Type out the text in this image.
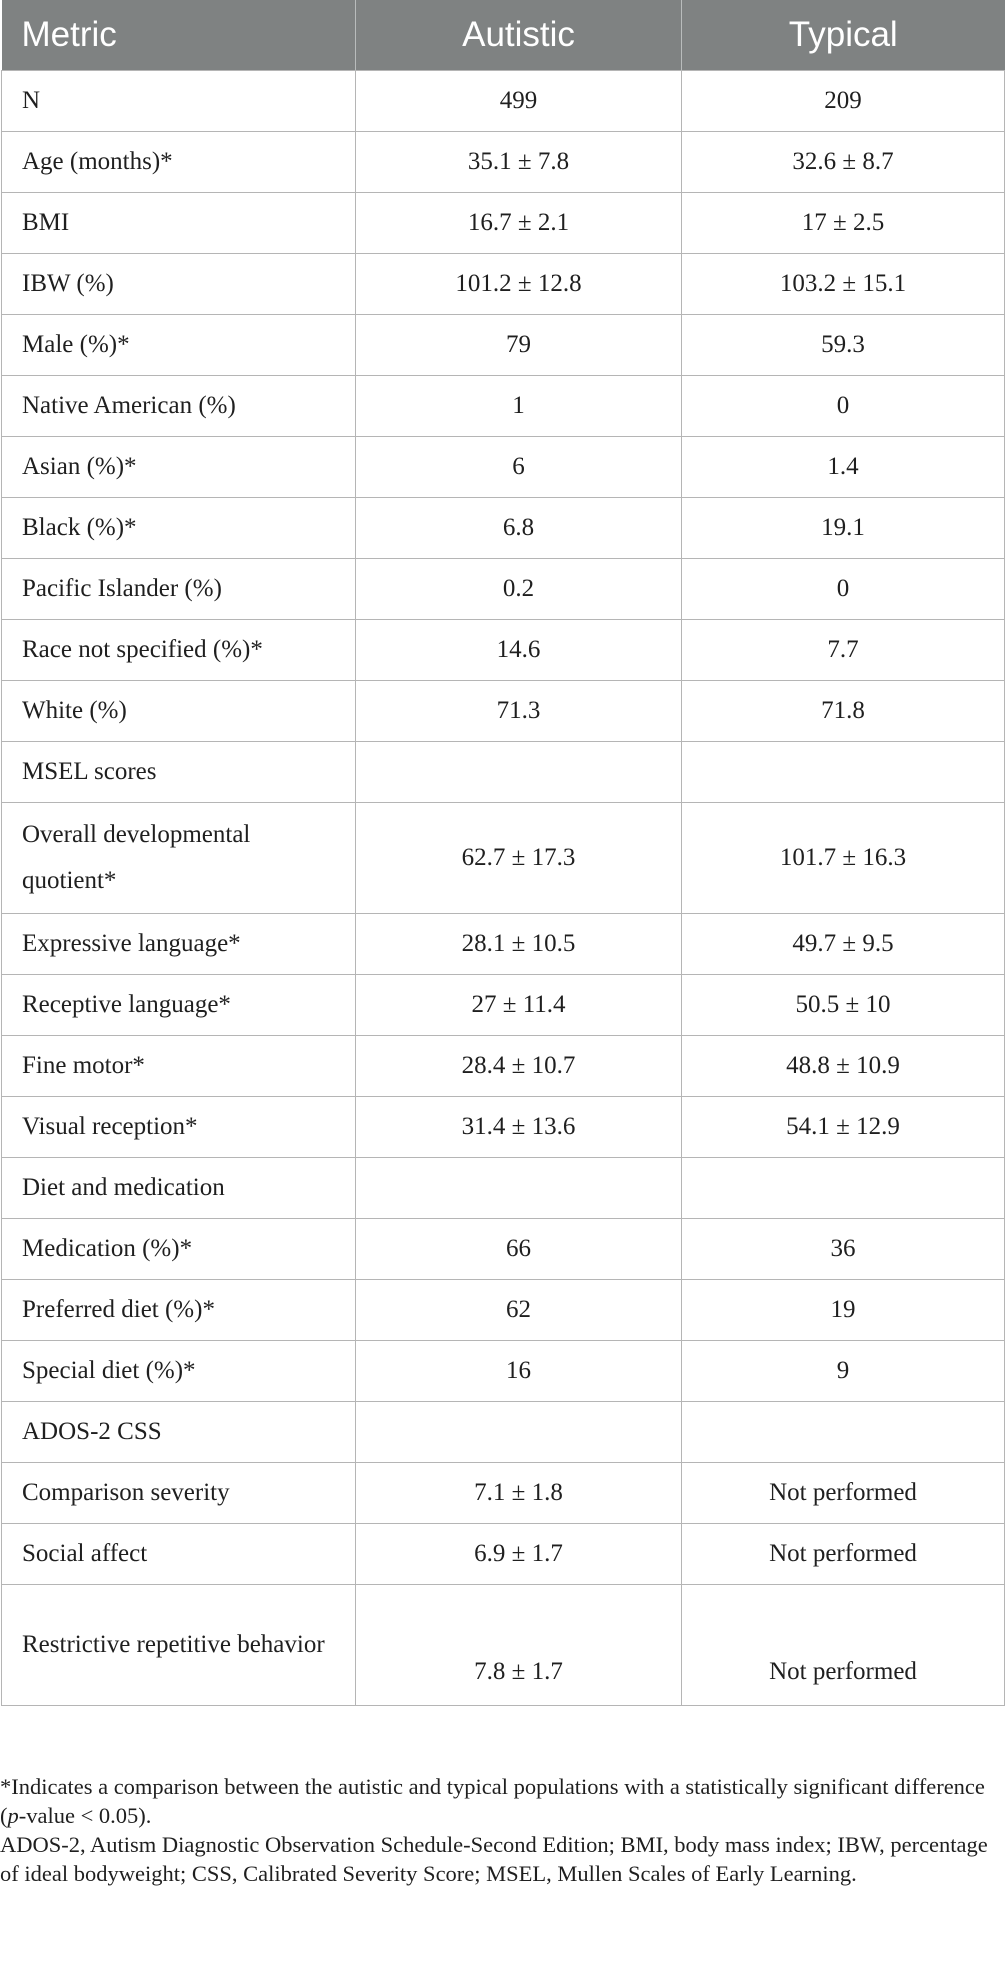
Metric	Autistic	Typical
N	499	209
Age (months)*	35.1 ± 7.8	32.6 ± 8.7
BMI	16.7 ± 2.1	17 ± 2.5
IBW (%)	101.2 ± 12.8	103.2 ± 15.1
Male (%)*	79	59.3
Native American (%)	1	0
Asian (%)*	6	1.4
Black (%)*	6.8	19.1
Pacific Islander (%)	0.2	0
Race not specified (%)*	14.6	7.7
White (%)	71.3	71.8
MSEL scores		
Overall developmental quotient*	62.7 ± 17.3	101.7 ± 16.3
Expressive language*	28.1 ± 10.5	49.7 ± 9.5
Receptive language*	27 ± 11.4	50.5 ± 10
Fine motor*	28.4 ± 10.7	48.8 ± 10.9
Visual reception*	31.4 ± 13.6	54.1 ± 12.9
Diet and medication		
Medication (%)*	66	36
Preferred diet (%)*	62	19
Special diet (%)*	16	9
ADOS-2 CSS		
Comparison severity	7.1 ± 1.8	Not performed
Social affect	6.9 ± 1.7	Not performed
Restrictive repetitive behavior	7.8 ± 1.7	Not performed

*Indicates a comparison between the autistic and typical populations with a statistically significant difference (p-value < 0.05).

ADOS-2, Autism Diagnostic Observation Schedule-Second Edition; BMI, body mass index; IBW, percentage of ideal bodyweight; CSS, Calibrated Severity Score; MSEL, Mullen Scales of Early Learning.
